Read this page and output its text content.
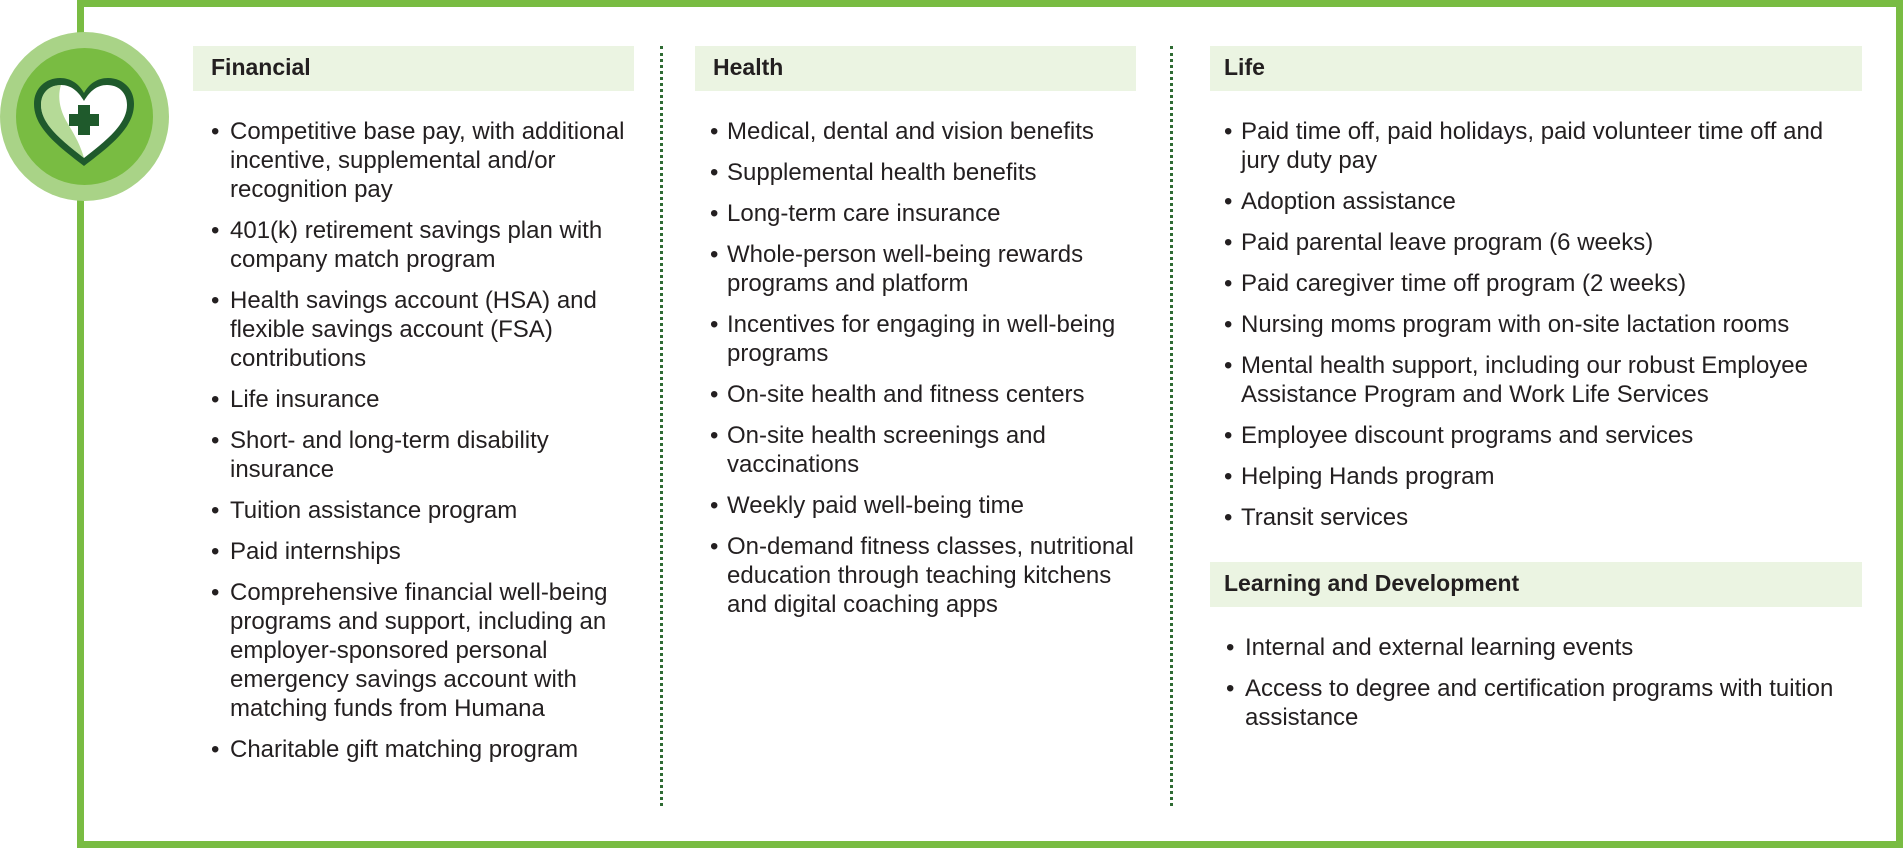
Financial
• Competitive base pay, with additional incentive, supplemental and/or recognition pay
• 401(k) retirement savings plan with company match program
• Health savings account (HSA) and flexible savings account (FSA) contributions
• Life insurance
• Short- and long-term disability insurance
• Tuition assistance program
• Paid internships
• Comprehensive financial well-being programs and support, including an employer-sponsored personal emergency savings account with matching funds from Humana
• Charitable gift matching program
Health
• Medical, dental and vision benefits
• Supplemental health benefits
• Long-term care insurance
• Whole-person well-being rewards programs and platform
• Incentives for engaging in well-being programs
• On-site health and fitness centers
• On-site health screenings and vaccinations
• Weekly paid well-being time
• On-demand fitness classes, nutritional education through teaching kitchens and digital coaching apps
Life
• Paid time off, paid holidays, paid volunteer time off and jury duty pay
• Adoption assistance
• Paid parental leave program (6 weeks)
• Paid caregiver time off program (2 weeks)
• Nursing moms program with on-site lactation rooms
• Mental health support, including our robust Employee Assistance Program and Work Life Services
• Employee discount programs and services
• Helping Hands program
• Transit services
Learning and Development
• Internal and external learning events
• Access to degree and certification programs with tuition assistance
